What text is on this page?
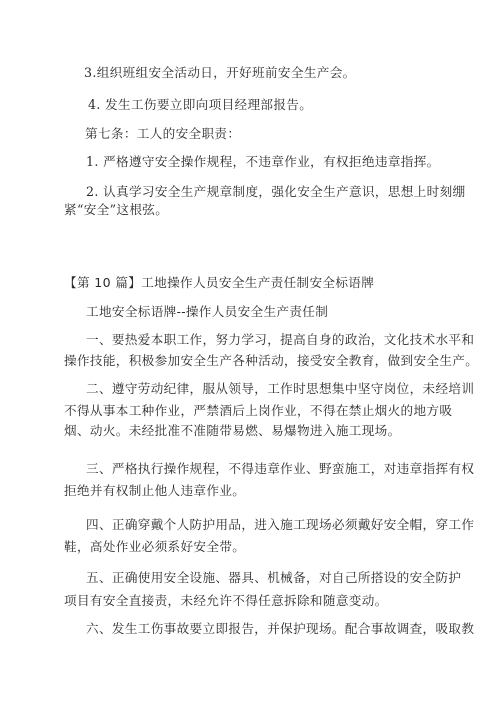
3.组织班组安全活动日，开好班前安全生产会。
4. 发生工伤要立即向项目经理部报告。
第七条：工人的安全职责：
1. 严格遵守安全操作规程，不违章作业，有权拒绝违章指挥。
2. 认真学习安全生产规章制度，强化安全生产意识，思想上时刻绷
紧“安全”这根弦。
【第 10 篇】工地操作人员安全生产责任制安全标语牌
工地安全标语牌--操作人员安全生产责任制
一、要热爱本职工作，努力学习，提高自身的政治，文化技术水平和
操作技能，积极参加安全生产各种活动，接受安全教育，做到安全生产。
二、遵守劳动纪律，服从领导，工作时思想集中坚守岗位，未经培训
不得从事本工种作业，严禁酒后上岗作业，不得在禁止烟火的地方吸
烟、动火。未经批准不准随带易燃、易爆物进入施工现场。
三、严格执行操作规程，不得违章作业、野蛮施工，对违章指挥有权
拒绝并有权制止他人违章作业。
四、正确穿戴个人防护用品，进入施工现场必须戴好安全帽，穿工作
鞋，高处作业必须系好安全带。
五、正确使用安全设施、器具、机械备，对自己所搭设的安全防护
项目有安全直接责，未经允许不得任意拆除和随意变动。
六、发生工伤事故要立即报告，并保护现场。配合事故调查，吸取教
